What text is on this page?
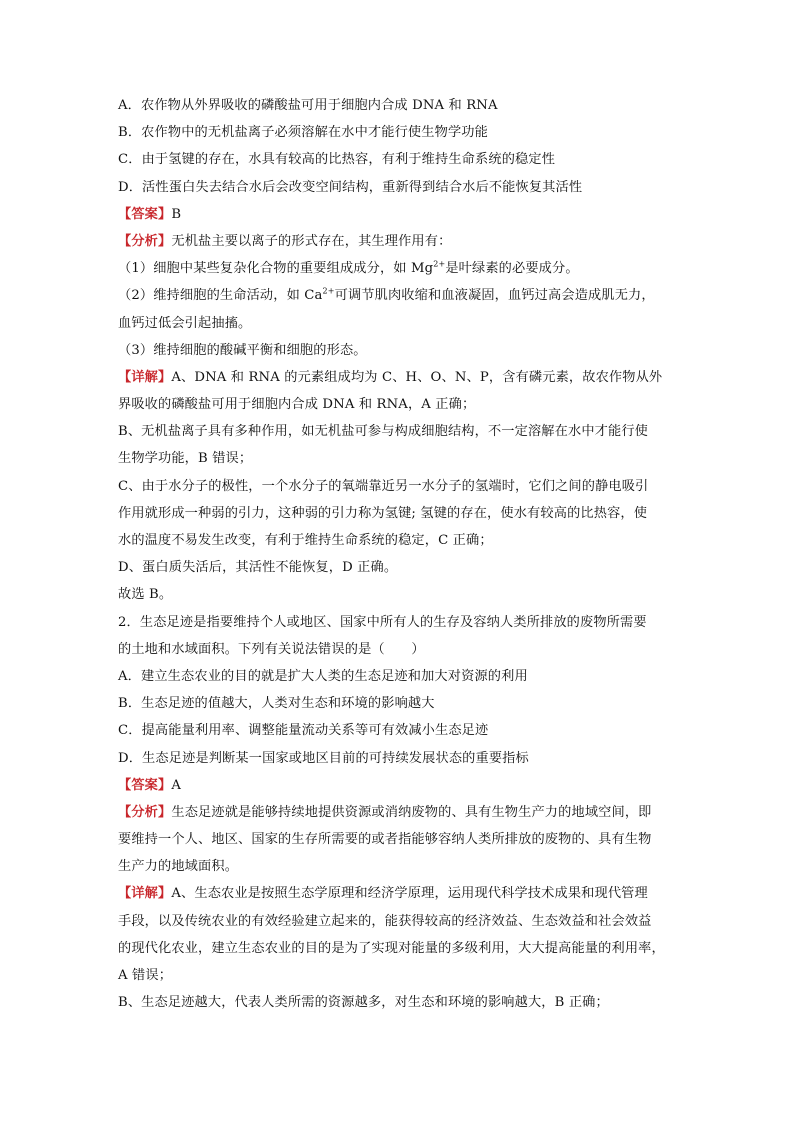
A．农作物从外界吸收的磷酸盐可用于细胞内合成 DNA 和 RNA
B．农作物中的无机盐离子必须溶解在水中才能行使生物学功能
C．由于氢键的存在，水具有较高的比热容，有利于维持生命系统的稳定性
D．活性蛋白失去结合水后会改变空间结构，重新得到结合水后不能恢复其活性
【答案】B
【分析】无机盐主要以离子的形式存在，其生理作用有：
（1）细胞中某些复杂化合物的重要组成成分，如 $Mg^{2+}$是叶绿素的必要成分。
（2）维持细胞的生命活动，如 $Ca^{2+}$可调节肌肉收缩和血液凝固，血钙过高会造成肌无力，
血钙过低会引起抽搐。
（3）维持细胞的酸碱平衡和细胞的形态。
【详解】A、DNA 和 RNA 的元素组成均为 C、H、O、N、P，含有磷元素，故农作物从外
界吸收的磷酸盐可用于细胞内合成 DNA 和 RNA，A 正确；
B、无机盐离子具有多种作用，如无机盐可参与构成细胞结构，不一定溶解在水中才能行使
生物学功能，B 错误；
C、由于水分子的极性，一个水分子的氧端靠近另一水分子的氢端时，它们之间的静电吸引
作用就形成一种弱的引力，这种弱的引力称为氢键; 氢键的存在，使水有较高的比热容，使
水的温度不易发生改变，有利于维持生命系统的稳定，C 正确；
D、蛋白质失活后，其活性不能恢复，D 正确。
故选 B。
2．生态足迹是指要维持个人或地区、国家中所有人的生存及容纳人类所排放的废物所需要
的土地和水域面积。下列有关说法错误的是（　　）
A．建立生态农业的目的就是扩大人类的生态足迹和加大对资源的利用
B．生态足迹的值越大，人类对生态和环境的影响越大
C．提高能量利用率、调整能量流动关系等可有效减小生态足迹
D．生态足迹是判断某一国家或地区目前的可持续发展状态的重要指标
【答案】A
【分析】生态足迹就是能够持续地提供资源或消纳废物的、具有生物生产力的地域空间，即
要维持一个人、地区、国家的生存所需要的或者指能够容纳人类所排放的废物的、具有生物
生产力的地域面积。
【详解】A、生态农业是按照生态学原理和经济学原理，运用现代科学技术成果和现代管理
手段，以及传统农业的有效经验建立起来的，能获得较高的经济效益、生态效益和社会效益
的现代化农业，建立生态农业的目的是为了实现对能量的多级利用，大大提高能量的利用率，
A 错误；
B、生态足迹越大，代表人类所需的资源越多，对生态和环境的影响越大，B 正确；
